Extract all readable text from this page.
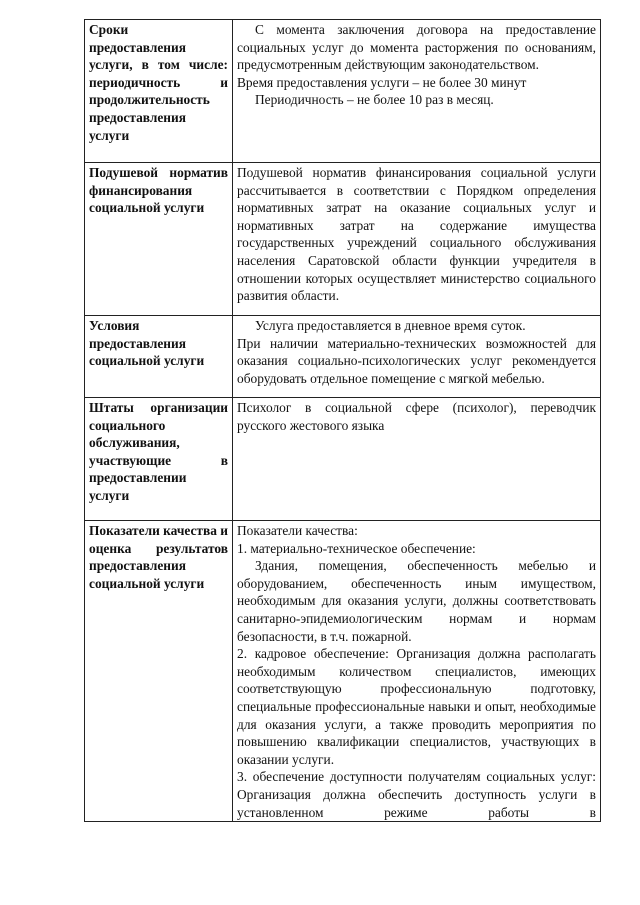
Сроки предоставления услуги, в том числе: периодичность и продолжительность предоставления услуги	С момента заключения договора на предоставление социальных услуг до момента расторжения по основаниям, предусмотренным действующим законодательством.

Время предоставления услуги – не более 30 минут

Периодичность – не более 10 раз в месяц.

Подушевой норматив финансирования социальной услуги	Подушевой норматив финансирования социальной услуги рассчитывается в соответствии с Порядком определения нормативных затрат на оказание социальных услуг и нормативных затрат на содержание имущества государственных учреждений социального обслуживания населения Саратовской области функции учредителя в отношении которых осуществляет министерство социального развития области.

Условия предоставления социальной услуги	Услуга предоставляется в дневное время суток.

При наличии материально-технических возможностей для оказания социально-психологических услуг рекомендуется оборудовать отдельное помещение с мягкой мебелью.

Штаты организации социального обслуживания, участвующие в предоставлении услуги	Психолог в социальной сфере (психолог), переводчик русского жестового языка

Показатели качества и оценка результатов предоставления социальной услуги	Показатели качества:

1. материально-техническое обеспечение:

Здания, помещения, обеспеченность мебелью и оборудованием, обеспеченность иным имуществом, необходимым для оказания услуги, должны соответствовать санитарно-эпидемиологическим нормам и нормам безопасности, в т.ч. пожарной.

2. кадровое обеспечение: Организация должна располагать необходимым количеством специалистов, имеющих соответствующую профессиональную подготовку, специальные профессиональные навыки и опыт, необходимые для оказания услуги, а также проводить мероприятия по повышению квалификации специалистов, участвующих в оказании услуги.

3. обеспечение доступности получателям социальных услуг: Организация должна обеспечить доступность услуги в установленном режиме работы в
